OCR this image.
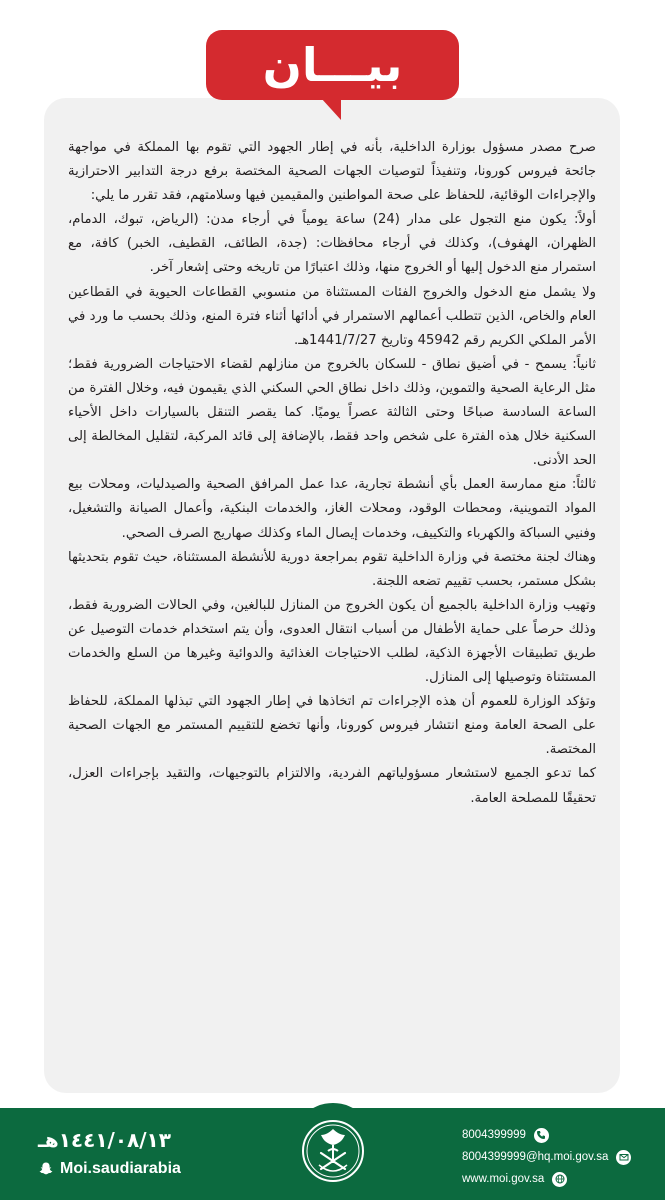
بيـــان

صرح مصدر مسؤول بوزارة الداخلية، بأنه في إطار الجهود التي تقوم بها المملكة في مواجهة جائحة فيروس كورونا، وتنفيذاً لتوصيات الجهات الصحية المختصة برفع درجة التدابير الاحترازية والإجراءات الوقائية، للحفاظ على صحة المواطنين والمقيمين فيها وسلامتهم، فقد تقرر ما يلي:

أولاً: يكون منع التجول على مدار (24) ساعة يومياً في أرجاء مدن: (الرياض، تبوك، الدمام، الظهران، الهفوف)، وكذلك في أرجاء محافظات: (جدة، الطائف، القطيف، الخبر) كافة، مع استمرار منع الدخول إليها أو الخروج منها، وذلك اعتبارًا من تاريخه وحتى إشعار آخر.

ولا يشمل منع الدخول والخروج الفئات المستثناة من منسوبي القطاعات الحيوية في القطاعين العام والخاص، الذين تتطلب أعمالهم الاستمرار في أدائها أثناء فترة المنع، وذلك بحسب ما ورد في الأمر الملكي الكريم رقم 45942 وتاريخ 1441/7/27هـ.

ثانياً: يسمح - في أضيق نطاق - للسكان بالخروج من منازلهم لقضاء الاحتياجات الضرورية فقط؛ مثل الرعاية الصحية والتموين، وذلك داخل نطاق الحي السكني الذي يقيمون فيه، وخلال الفترة من الساعة السادسة صباحًا وحتى الثالثة عصراً يوميًا. كما يقصر التنقل بالسيارات داخل الأحياء السكنية خلال هذه الفترة على شخص واحد فقط، بالإضافة إلى قائد المركبة، لتقليل المخالطة إلى الحد الأدنى.

ثالثاً: منع ممارسة العمل بأي أنشطة تجارية، عدا عمل المرافق الصحية والصيدليات، ومحلات بيع المواد التموينية، ومحطات الوقود، ومحلات الغاز، والخدمات البنكية، وأعمال الصيانة والتشغيل، وفنيي السباكة والكهرباء والتكييف، وخدمات إيصال الماء وكذلك صهاريج الصرف الصحي.

وهناك لجنة مختصة في وزارة الداخلية تقوم بمراجعة دورية للأنشطة المستثناة، حيث تقوم بتحديثها بشكل مستمر، بحسب تقييم تضعه اللجنة.

وتهيب وزارة الداخلية بالجميع أن يكون الخروج من المنازل للبالغين، وفي الحالات الضرورية فقط، وذلك حرصاً على حماية الأطفال من أسباب انتقال العدوى، وأن يتم استخدام خدمات التوصيل عن طريق تطبيقات الأجهزة الذكية، لطلب الاحتياجات الغذائية والدوائية وغيرها من السلع والخدمات المستثناة وتوصيلها إلى المنازل.

وتؤكد الوزارة للعموم أن هذه الإجراءات تم اتخاذها في إطار الجهود التي تبذلها المملكة، للحفاظ على الصحة العامة ومنع انتشار فيروس كورونا، وأنها تخضع للتقييم المستمر مع الجهات الصحية المختصة.

كما تدعو الجميع لاستشعار مسؤولياتهم الفردية، والالتزام بالتوجيهات، والتقيد بإجراءات العزل، تحقيقًا للمصلحة العامة.

١٤٤١/٠٨/١٣هـ
Moi.saudiarabia
8004399999
8004399999@hq.moi.gov.sa
www.moi.gov.sa
